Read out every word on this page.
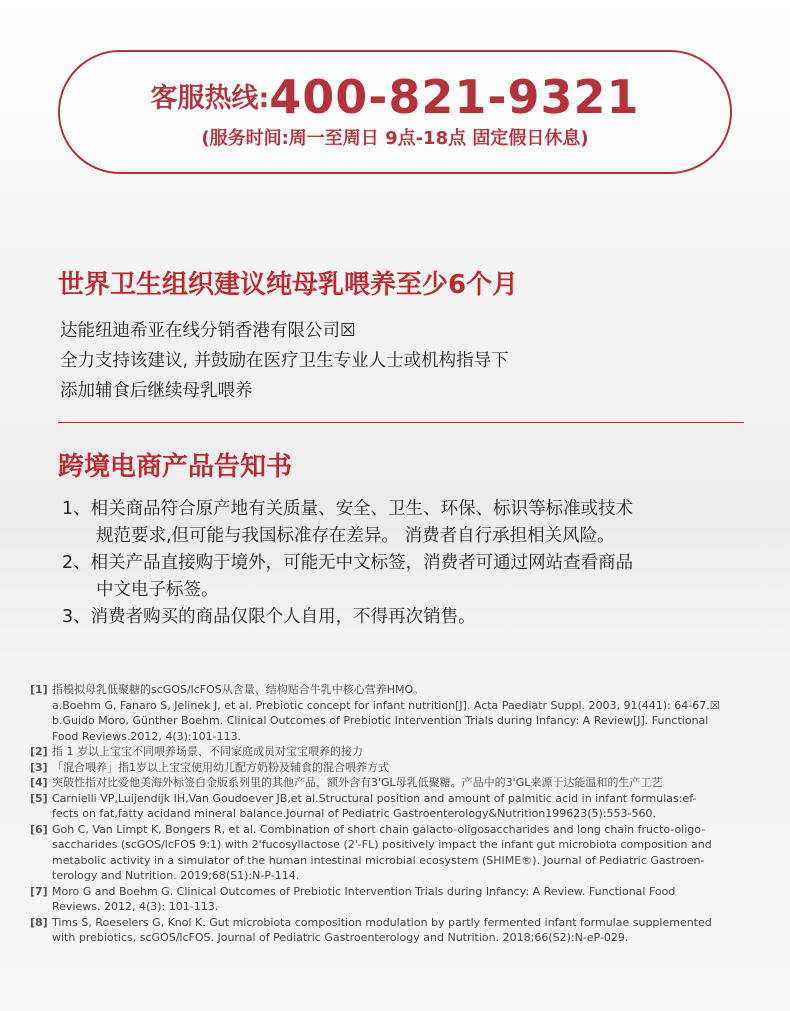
客服热线:400-821-9321
(服务时间:周一至周日 9点-18点 固定假日休息)
世界卫生组织建议纯母乳喂养至少6个月
达能纽迪希亚在线分销香港有限公司☒
全力支持该建议, 并鼓励在医疗卫生专业人士或机构指导下
添加辅食后继续母乳喂养
跨境电商产品告知书
1、相关商品符合原产地有关质量、安全、卫生、环保、标识等标准或技术
规范要求,但可能与我国标准存在差异。 消费者自行承担相关风险。
2、相关产品直接购于境外，可能无中文标签，消费者可通过网站查看商品
中文电子标签。
3、消费者购买的商品仅限个人自用，不得再次销售。
[1] 指模拟母乳低聚糖的scGOS/lcFOS从含量、结构贴合牛乳中核心营养HMO。
a.Boehm G, Fanaro S, Jelinek J, et al. Prebiotic concept for infant nutrition[J]. Acta Paediatr Suppl. 2003, 91(441): 64-67.☒
b.Guido Moro, Günther Boehm. Clinical Outcomes of Prebiotic Intervention Trials during Infancy: A Review[J]. Functional
Food Reviews.2012, 4(3):101-113.
[2] 指 1 岁以上宝宝不同喂养场景、不同家庭成员对宝宝喂养的接力
[3] 「混合喂养」指1岁以上宝宝使用幼儿配方奶粉及辅食的混合喂养方式
[4] 突破性指对比爱他美海外标签白金版系列里的其他产品，额外含有3'GL母乳低聚糖。产品中的3'GL来源于达能温和的生产工艺
[5] Carnielli VP,Luijendijk IH,Van Goudoever JB,et al.Structural position and amount of palmitic acid in infant formulas:ef-
fects on fat,fatty acidand mineral balance.Journal of Pediatric Gastroenterology&Nutrition199623(5):553-560.
[6] Goh C, Van Limpt K, Bongers R, et al. Combination of short chain galacto-oligosaccharides and long chain fructo-oligo-
saccharides (scGOS/lcFOS 9:1) with 2'fucosyllactose (2'-FL) positively impact the infant gut microbiota composition and
metabolic activity in a simulator of the human intestinal microbial ecosystem (SHIME®). Journal of Pediatric Gastroen-
terology and Nutrition. 2019;68(S1):N-P-114.
[7] Moro G and Boehm G. Clinical Outcomes of Prebiotic Intervention Trials during Infancy: A Review. Functional Food
Reviews. 2012, 4(3): 101-113.
[8] Tims S, Roeselers G, Knol K. Gut microbiota composition modulation by partly fermented infant formulae supplemented
with prebiotics, scGOS/lcFOS. Journal of Pediatric Gastroenterology and Nutrition. 2018;66(S2):N-eP-029.
